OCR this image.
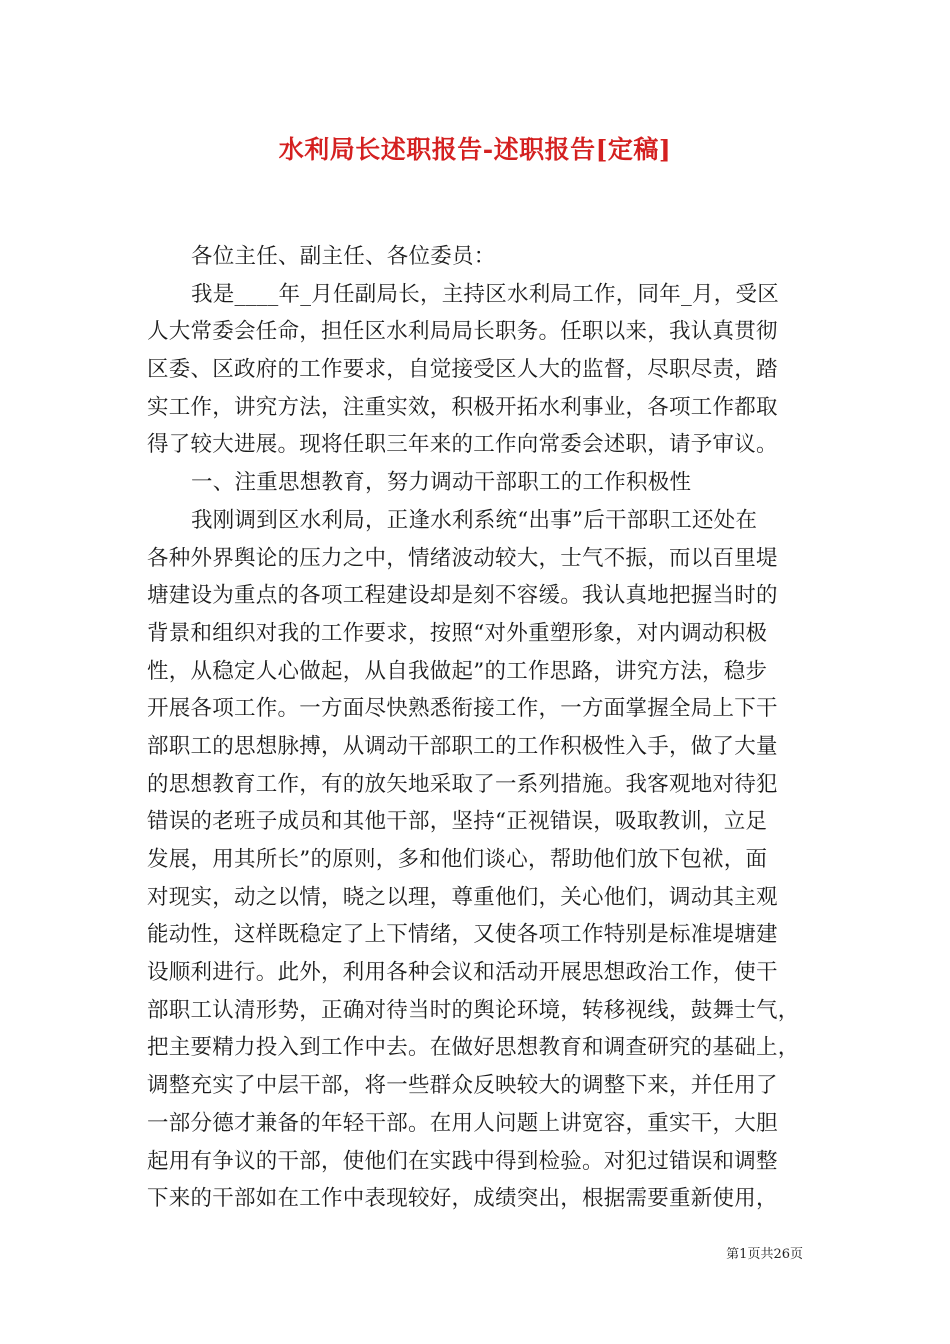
水利局长述职报告-述职报告[定稿]
各位主任、副主任、各位委员：
我是____年_月任副局长，主持区水利局工作，同年_月，受区
人大常委会任命，担任区水利局局长职务。任职以来，我认真贯彻
区委、区政府的工作要求，自觉接受区人大的监督，尽职尽责，踏
实工作，讲究方法，注重实效，积极开拓水利事业，各项工作都取
得了较大进展。现将任职三年来的工作向常委会述职，请予审议。
一、注重思想教育，努力调动干部职工的工作积极性
我刚调到区水利局，正逢水利系统“出事”后干部职工还处在
各种外界舆论的压力之中，情绪波动较大，士气不振，而以百里堤
塘建设为重点的各项工程建设却是刻不容缓。我认真地把握当时的
背景和组织对我的工作要求，按照“对外重塑形象，对内调动积极
性，从稳定人心做起，从自我做起”的工作思路，讲究方法，稳步
开展各项工作。一方面尽快熟悉衔接工作，一方面掌握全局上下干
部职工的思想脉搏，从调动干部职工的工作积极性入手，做了大量
的思想教育工作，有的放矢地采取了一系列措施。我客观地对待犯
错误的老班子成员和其他干部，坚持“正视错误，吸取教训，立足
发展，用其所长”的原则，多和他们谈心，帮助他们放下包袱，面
对现实，动之以情，晓之以理，尊重他们，关心他们，调动其主观
能动性，这样既稳定了上下情绪，又使各项工作特别是标准堤塘建
设顺利进行。此外，利用各种会议和活动开展思想政治工作，使干
部职工认清形势，正确对待当时的舆论环境，转移视线，鼓舞士气，
把主要精力投入到工作中去。在做好思想教育和调查研究的基础上，
调整充实了中层干部，将一些群众反映较大的调整下来，并任用了
一部分德才兼备的年轻干部。在用人问题上讲宽容，重实干，大胆
起用有争议的干部，使他们在实践中得到检验。对犯过错误和调整
下来的干部如在工作中表现较好，成绩突出，根据需要重新使用，
第1页共26页
